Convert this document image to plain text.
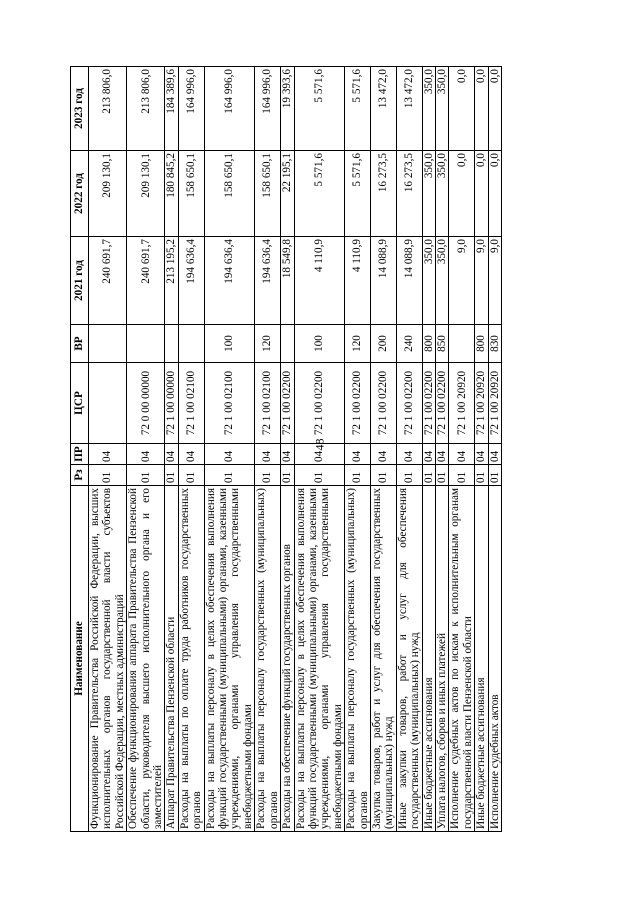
48
Наименование	Рз	ПР	ЦСР	ВР	2021 год	2022 год	2023 год
Функционирование Правительства Российской Федерации, высших исполнительных органов государственной власти субъектов Российской Федерации, местных администраций	01	04			240 691,7	209 130,1	213 806,0
Обеспечение функционирования аппарата Правительства Пензенской области, руководителя высшего исполнительного органа и его заместителей	01	04	72 0 00 00000		240 691,7	209 130,1	213 806,0
Аппарат Правительства Пензенской области	01	04	72 1 00 00000		213 195,2	180 845,2	184 389,6
Расходы на выплаты по оплате труда работников государственных органов	01	04	72 1 00 02100		194 636,4	158 650,1	164 996,0
Расходы на выплаты персоналу в целях обеспечения выполнения функций государственными (муниципальными) органами, казенными учреждениями, органами управления государственными внебюджетными фондами	01	04	72 1 00 02100	100	194 636,4	158 650,1	164 996,0
Расходы на выплаты персоналу государственных (муниципальных) органов	01	04	72 1 00 02100	120	194 636,4	158 650,1	164 996,0
Расходы на обеспечение функций государственных органов	01	04	72 1 00 02200		18 549,8	22 195,1	19 393,6
Расходы на выплаты персоналу в целях обеспечения выполнения функций государственными (муниципальными) органами, казенными учреждениями, органами управления государственными внебюджетными фондами	01	04	72 1 00 02200	100	4 110,9	5 571,6	5 571,6
Расходы на выплаты персоналу государственных (муниципальных) органов	01	04	72 1 00 02200	120	4 110,9	5 571,6	5 571,6
Закупка товаров, работ и услуг для обеспечения государственных (муниципальных) нужд	01	04	72 1 00 02200	200	14 088,9	16 273,5	13 472,0
Иные закупки товаров, работ и услуг для обеспечения государственных (муниципальных) нужд	01	04	72 1 00 02200	240	14 088,9	16 273,5	13 472,0
Иные бюджетные ассигнования	01	04	72 1 00 02200	800	350,0	350,0	350,0
Уплата налогов, сборов и иных платежей	01	04	72 1 00 02200	850	350,0	350,0	350,0
Исполнение судебных актов по искам к исполнительным органам государственной власти Пензенской области	01	04	72 1 00 20920		9,0	0,0	0,0
Иные бюджетные ассигнования	01	04	72 1 00 20920	800	9,0	0,0	0,0
Исполнение судебных актов	01	04	72 1 00 20920	830	9,0	0,0	0,0
